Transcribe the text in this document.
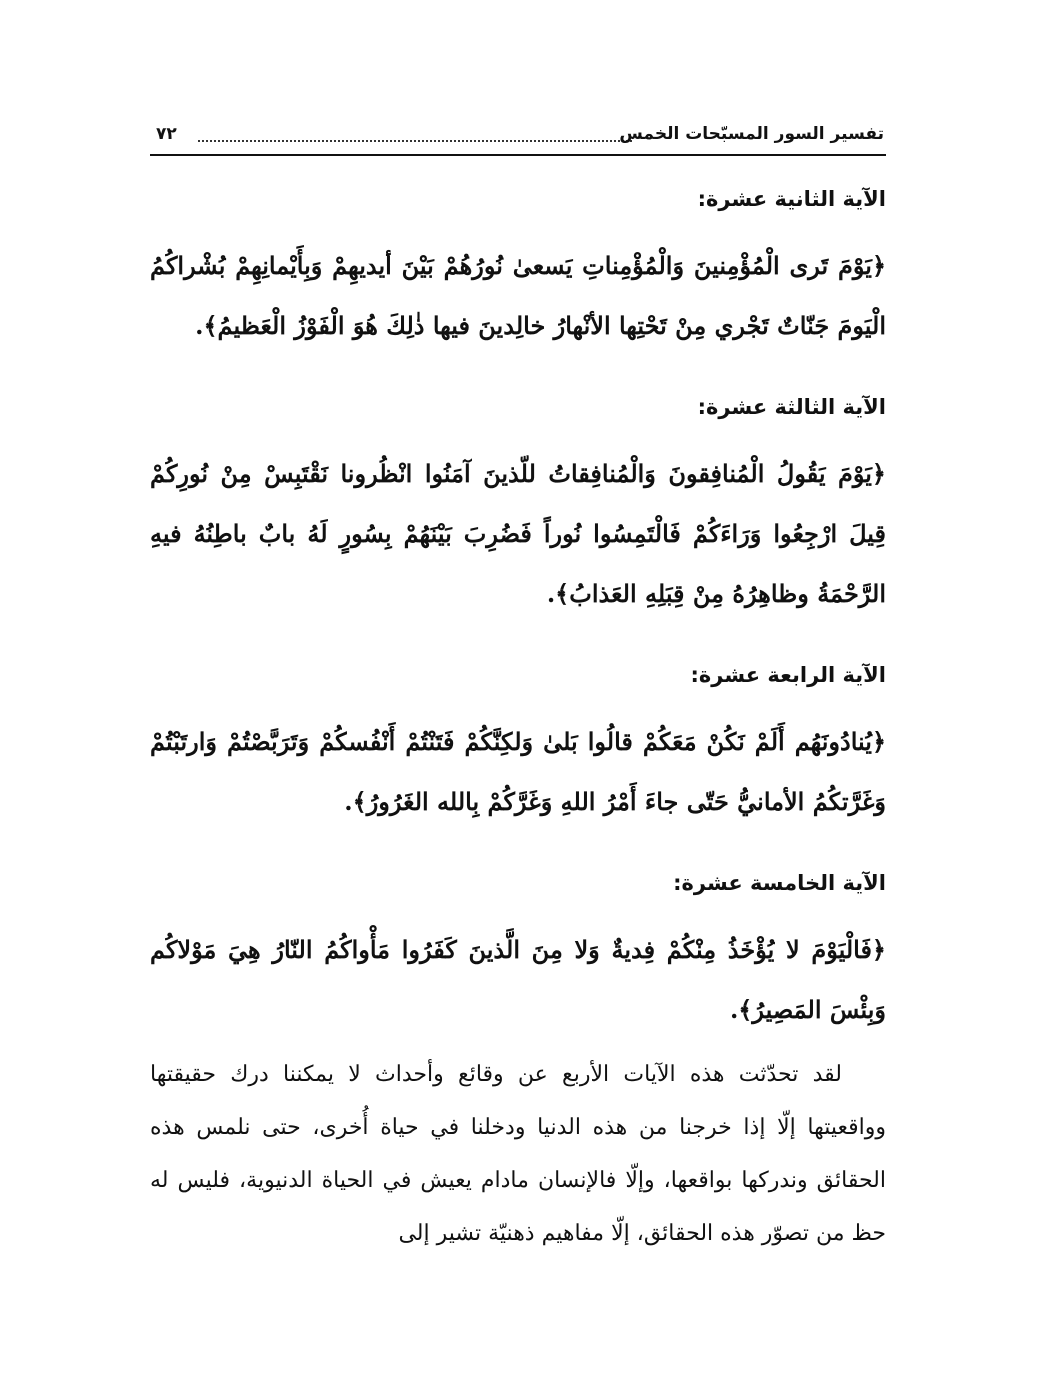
٧٢	تفسير السور المسبّحات الخمس
الآية الثانية عشرة:

﴿يَوْمَ تَرى الْمُؤْمِنينَ وَالْمُؤْمِناتِ يَسعىٰ نُورُهُمْ بَيْنَ أيديهِمْ وَبِأَيْمانِهِمْ بُشْراكُمُ الْيَومَ جَنّاتٌ تَجْري مِنْ تَحْتِها الأنْهارُ خالِدينَ فيها ذٰلِكَ هُوَ الْفَوْزُ الْعَظيمُ﴾.

الآية الثالثة عشرة:

﴿يَوْمَ يَقُولُ الْمُنافِقونَ وَالْمُنافِقاتُ للّذينَ آمَنُوا انْظُرونا نَقْتَبِسْ مِنْ نُورِكُمْ قِيلَ ارْجِعُوا وَرَاءَكُمْ فَالْتَمِسُوا نُوراً فَضُرِبَ بَيْنَهُمْ بِسُورٍ لَهُ بابٌ باطِنُهُ فيهِ الرَّحْمَةُ وظاهِرُهُ مِنْ قِبَلِهِ العَذابُ﴾.

الآية الرابعة عشرة:

﴿يُنادُونَهُم أَلَمْ نَكُنْ مَعَكُمْ قالُوا بَلىٰ وَلكِنَّكُمْ فَتَنْتُمْ أَنْفُسكُمْ وَتَرَبَّصْتُمْ وَارتَبْتُمْ وَغَرَّتكُمُ الأمانيُّ حَتّى جاءَ أَمْرُ اللهِ وَغَرَّكُمْ بِالله الغَرُورُ﴾.

الآية الخامسة عشرة:

﴿فَالْيَوْمَ لا يُؤْخَذُ مِنْكُمْ فِديةٌ وَلا مِنَ الَّذينَ كَفَرُوا مَأْواكُمُ النّارُ هِيَ مَوْلاكُم وَبِئْسَ المَصِيرُ﴾.

لقد تحدّثت هذه الآيات الأربع عن وقائع وأحداث لا يمكننا درك حقيقتها وواقعيتها إلّا إذا خرجنا من هذه الدنيا ودخلنا في حياة أُخرى، حتى نلمس هذه الحقائق وندركها بواقعها، وإلّا فالإنسان مادام يعيش في الحياة الدنيوية، فليس له حظ من تصوّر هذه الحقائق، إلّا مفاهيم ذهنيّة تشير إلى
